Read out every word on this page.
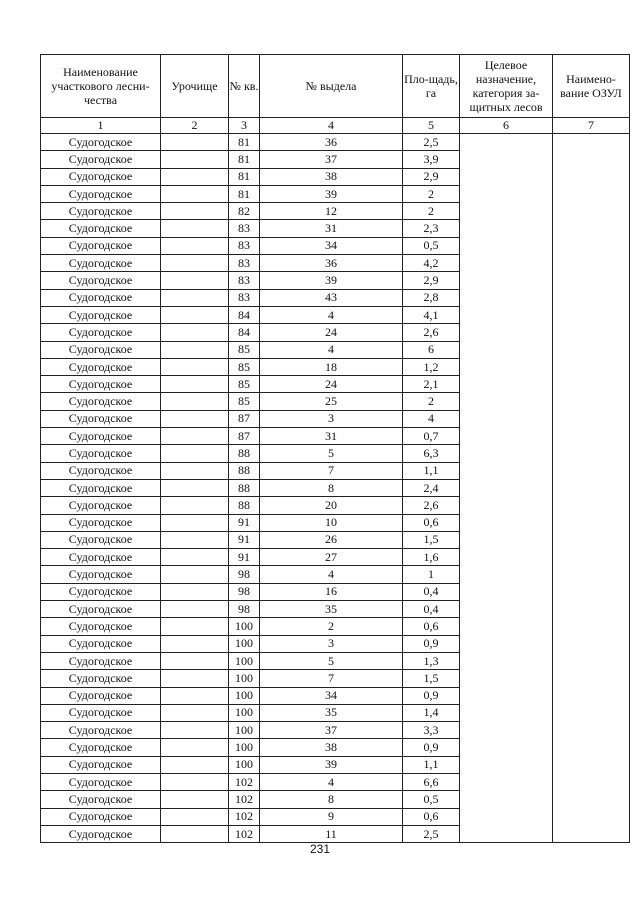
Наименование участкового лесни-чества	Урочище	№ кв.	№ выдела	Пло-щадь, га	Целевое назначение, категория за-щитных лесов	Наимено-вание ОЗУЛ
1	2	3	4	5	6	7
Судогодское		81	36	2,5		
Судогодское		81	37	3,9		
Судогодское		81	38	2,9		
Судогодское		81	39	2		
Судогодское		82	12	2		
Судогодское		83	31	2,3		
Судогодское		83	34	0,5		
Судогодское		83	36	4,2		
Судогодское		83	39	2,9		
Судогодское		83	43	2,8		
Судогодское		84	4	4,1		
Судогодское		84	24	2,6		
Судогодское		85	4	6		
Судогодское		85	18	1,2		
Судогодское		85	24	2,1		
Судогодское		85	25	2		
Судогодское		87	3	4		
Судогодское		87	31	0,7		
Судогодское		88	5	6,3		
Судогодское		88	7	1,1		
Судогодское		88	8	2,4		
Судогодское		88	20	2,6		
Судогодское		91	10	0,6		
Судогодское		91	26	1,5		
Судогодское		91	27	1,6		
Судогодское		98	4	1		
Судогодское		98	16	0,4		
Судогодское		98	35	0,4		
Судогодское		100	2	0,6		
Судогодское		100	3	0,9		
Судогодское		100	5	1,3		
Судогодское		100	7	1,5		
Судогодское		100	34	0,9		
Судогодское		100	35	1,4		
Судогодское		100	37	3,3		
Судогодское		100	38	0,9		
Судогодское		100	39	1,1		
Судогодское		102	4	6,6		
Судогодское		102	8	0,5		
Судогодское		102	9	0,6		
Судогодское		102	11	2,5		
231
